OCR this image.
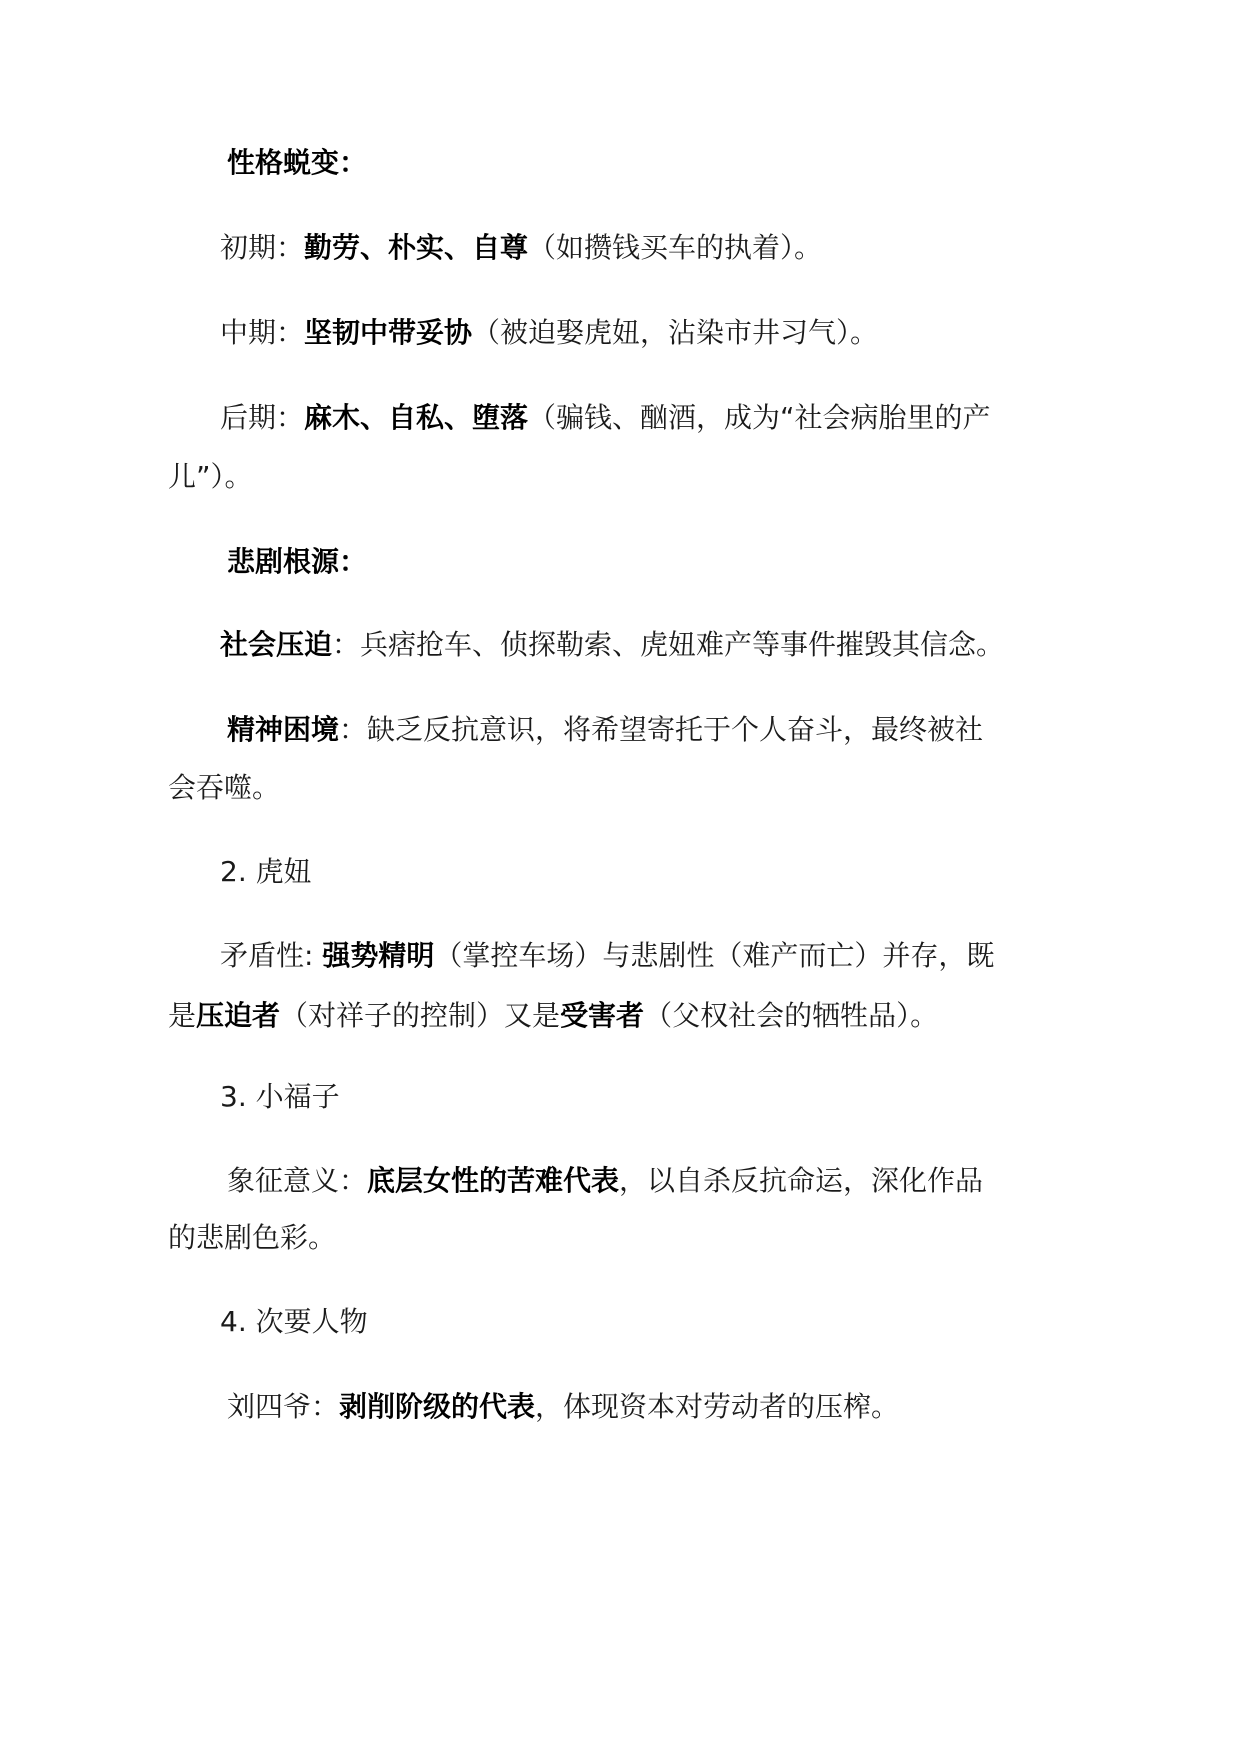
性格蜕变：
初期：勤劳、朴实、自尊（如攒钱买车的执着）。
中期：坚韧中带妥协（被迫娶虎妞，沾染市井习气）。
后期：麻木、自私、堕落（骗钱、酗酒，成为“社会病胎里的产
儿”）。
悲剧根源：
社会压迫：兵痞抢车、侦探勒索、虎妞难产等事件摧毁其信念。
精神困境：缺乏反抗意识，将希望寄托于个人奋斗，最终被社
会吞噬。
2. 虎妞
矛盾性: 强势精明（掌控车场）与悲剧性（难产而亡）并存，既
是压迫者（对祥子的控制）又是受害者（父权社会的牺牲品）。
3. 小福子
象征意义：底层女性的苦难代表，以自杀反抗命运，深化作品
的悲剧色彩。
4. 次要人物
刘四爷：剥削阶级的代表，体现资本对劳动者的压榨。
